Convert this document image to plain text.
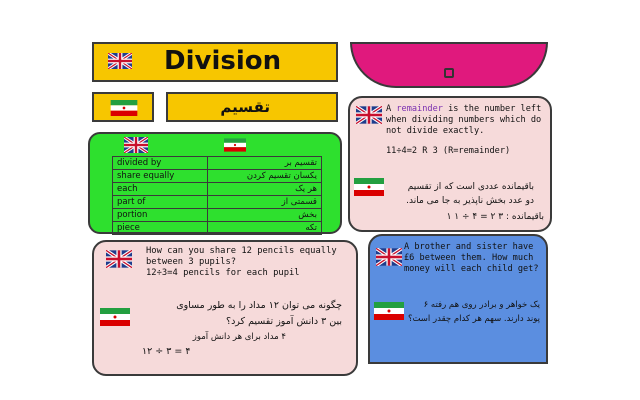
Division
تقسیم
divided by	تقسیم بر
share equally	یکسان تقسیم کردن
each	هر یک
part of	قسمتی از
portion	بخش
piece	تکه
A remainder is the number left when dividing numbers which do not divide exactly.
11÷4=2 R 3 (R=remainder)
باقیمانده عددی است که از تقسیم
دو عدد بخش ناپذیر به جا می ماند.
باقیمانده : ۳ ۲ = ۴ ÷ ۱ ۱
How can you share 12 pencils equally between 3 pupils?
12÷3=4 pencils for each pupil
چگونه می توان ۱۲ مداد را به طور مساوی
بین ۳ دانش آموز تقسیم کرد؟
۴ مداد برای هر دانش آموز
۴ = ۳ ÷ ۱۲
A brother and sister have £6 between them. How much money will each child get?
یک خواهر و برادر روی هم رفته ۶
پوند دارند. سهم هر کدام چقدر است؟
